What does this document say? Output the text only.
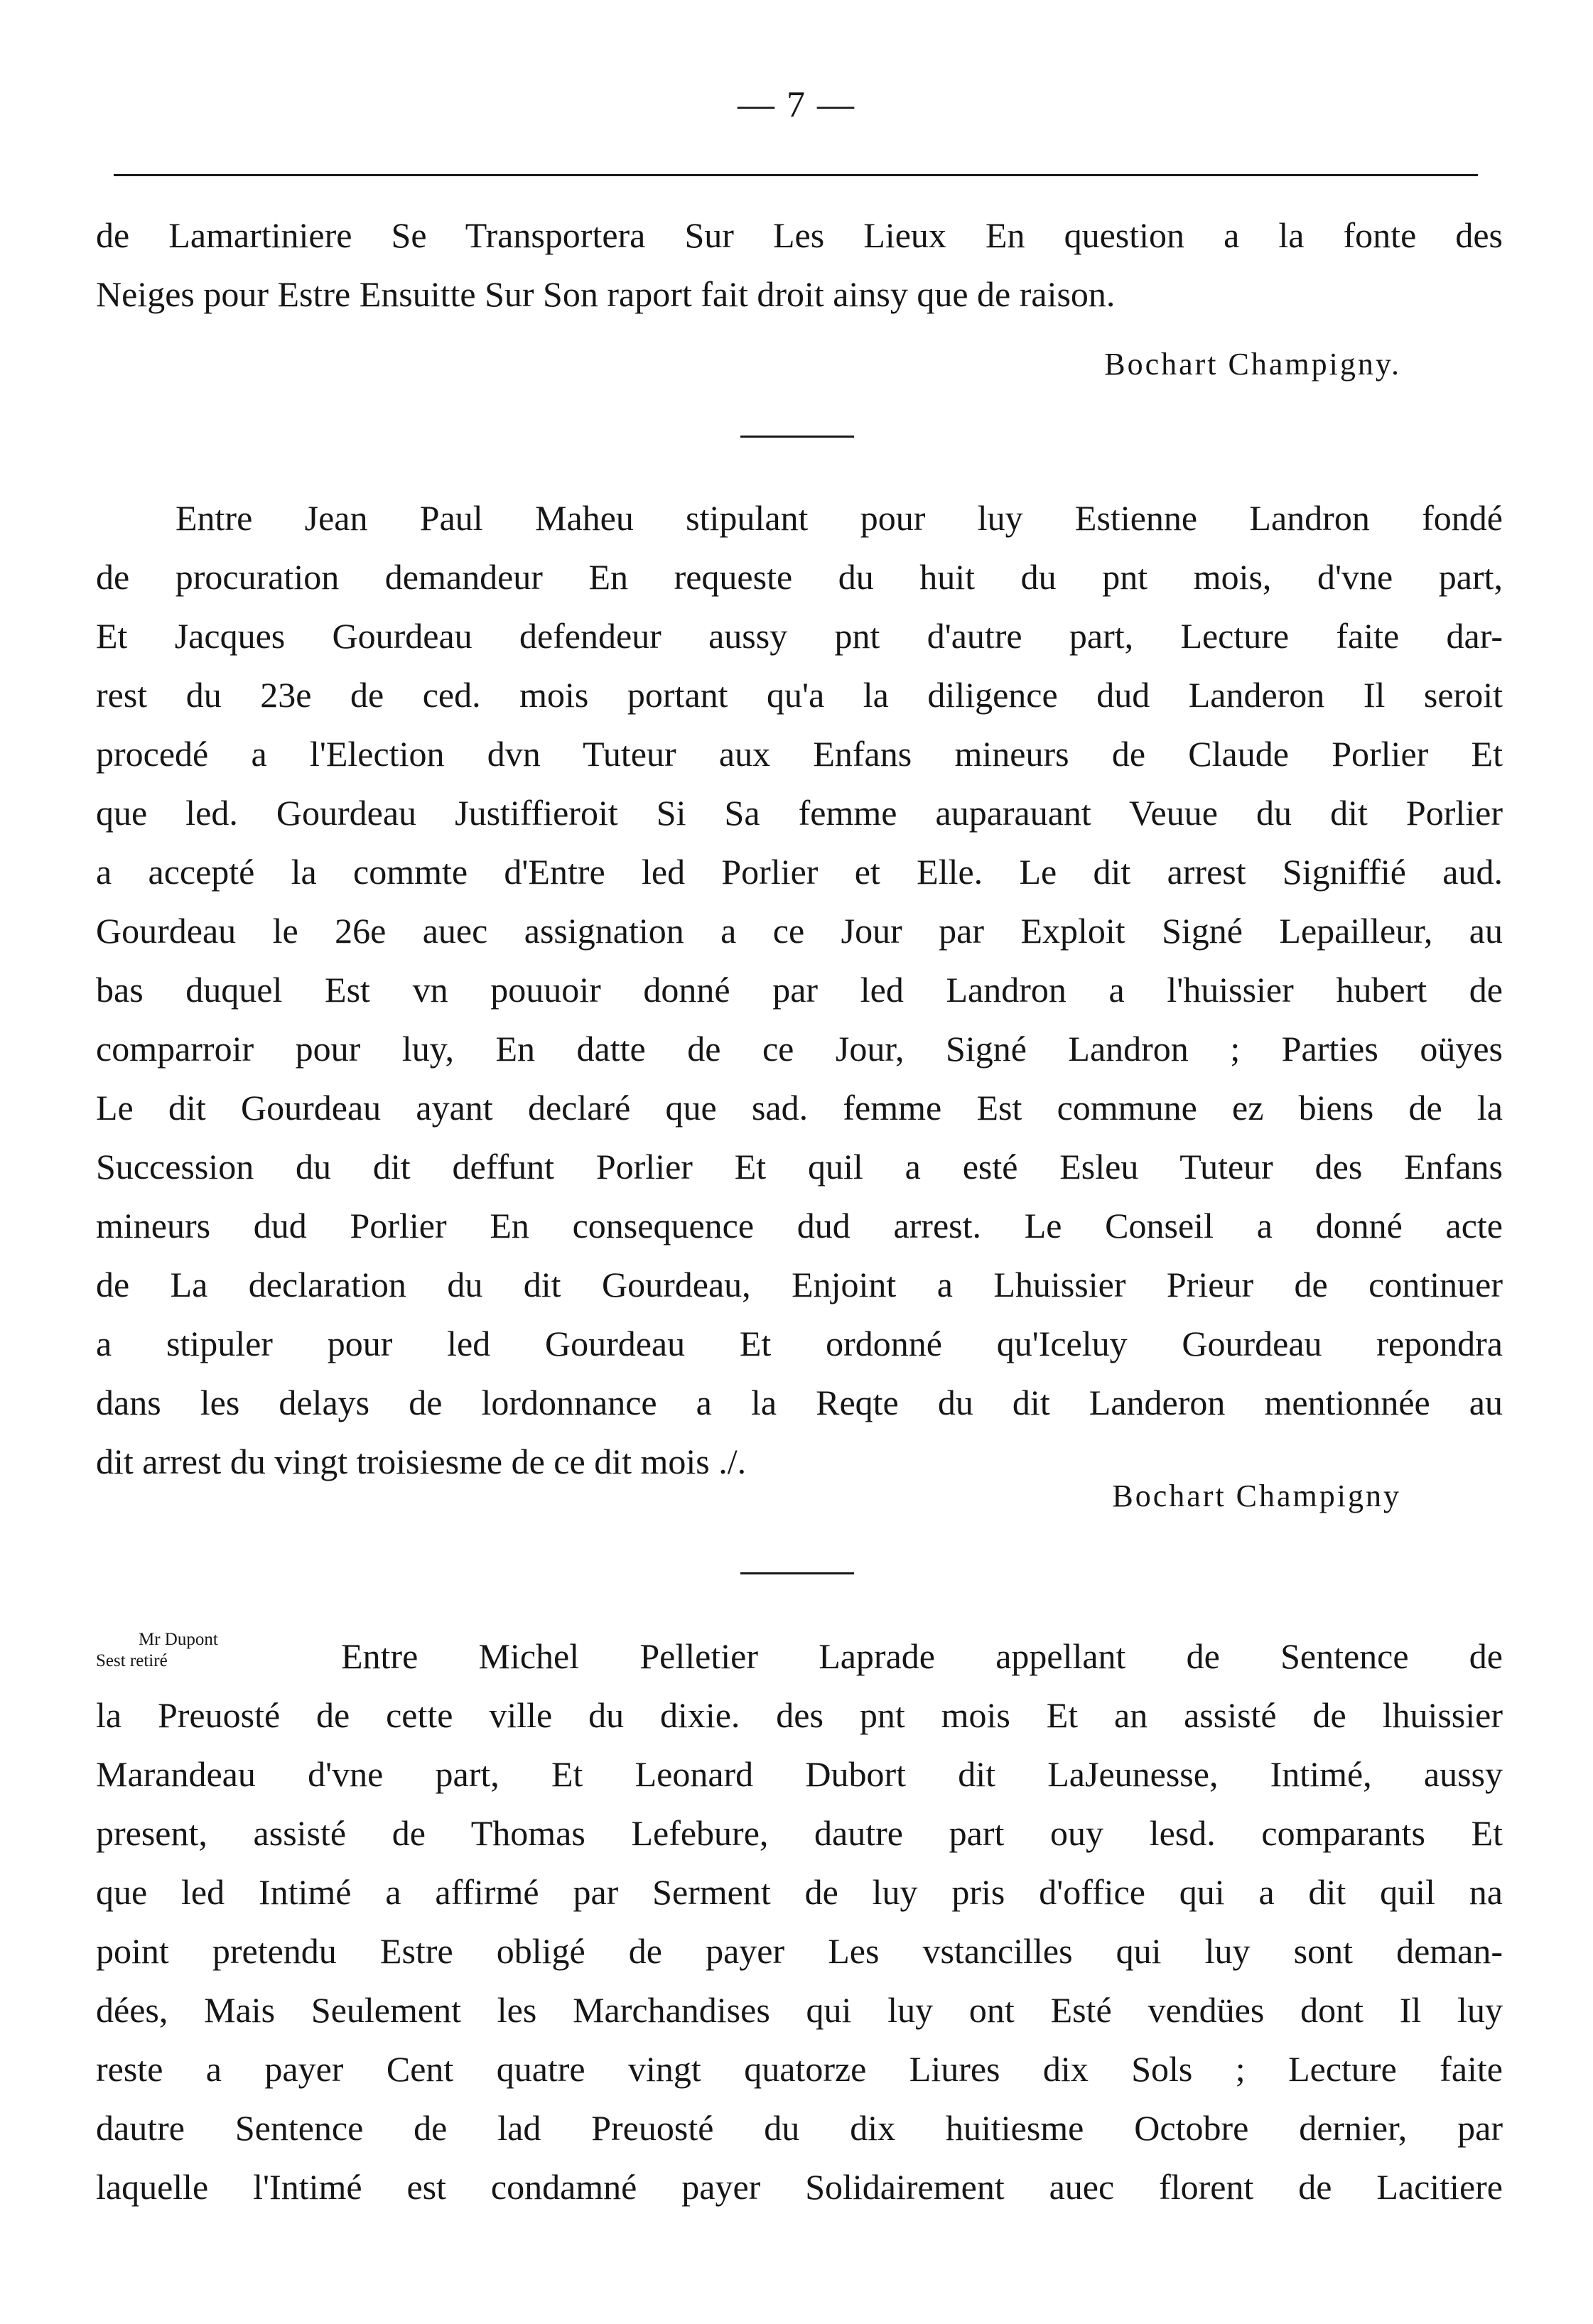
— 7 —
de Lamartiniere Se Transportera Sur Les Lieux En question a la fonte des
Neiges pour Estre Ensuitte Sur Son raport fait droit ainsy que de raison.
Bochart Champigny.
Entre Jean Paul Maheu stipulant pour luy Estienne Landron fondé
de procuration demandeur En requeste du huit du pnt mois, d'vne part,
Et Jacques Gourdeau defendeur aussy pnt d'autre part, Lecture faite dar-
rest du 23e de ced. mois portant qu'a la diligence dud Landeron Il seroit
procedé a l'Election dvn Tuteur aux Enfans mineurs de Claude Porlier Et
que led. Gourdeau Justiffieroit Si Sa femme auparauant Veuue du dit Porlier
a accepté la commte d'Entre led Porlier et Elle. Le dit arrest Signiffié aud.
Gourdeau le 26e auec assignation a ce Jour par Exploit Signé Lepailleur, au
bas duquel Est vn pouuoir donné par led Landron a l'huissier hubert de
comparroir pour luy, En datte de ce Jour, Signé Landron ; Parties oüyes
Le dit Gourdeau ayant declaré que sad. femme Est commune ez biens de la
Succession du dit deffunt Porlier Et quil a esté Esleu Tuteur des Enfans
mineurs dud Porlier En consequence dud arrest. Le Conseil a donné acte
de La declaration du dit Gourdeau, Enjoint a Lhuissier Prieur de continuer
a stipuler pour led Gourdeau Et ordonné qu'Iceluy Gourdeau repondra
dans les delays de lordonnance a la Reqte du dit Landeron mentionnée au
dit arrest du vingt troisiesme de ce dit mois ./.
Bochart Champigny
Mr Dupont
Sest retiré	Entre Michel Pelletier Laprade appellant de Sentence de
la Preuosté de cette ville du dixie. des pnt mois Et an assisté de lhuissier
Marandeau d'vne part, Et Leonard Dubort dit LaJeunesse, Intimé, aussy
present, assisté de Thomas Lefebure, dautre part ouy lesd. comparants Et
que led Intimé a affirmé par Serment de luy pris d'office qui a dit quil na
point pretendu Estre obligé de payer Les vstancilles qui luy sont deman-
dées, Mais Seulement les Marchandises qui luy ont Esté vendües dont Il luy
reste a payer Cent quatre vingt quatorze Liures dix Sols ; Lecture faite
dautre Sentence de lad Preuosté du dix huitiesme Octobre dernier, par
laquelle l'Intimé est condamné payer Solidairement auec florent de Lacitiere
